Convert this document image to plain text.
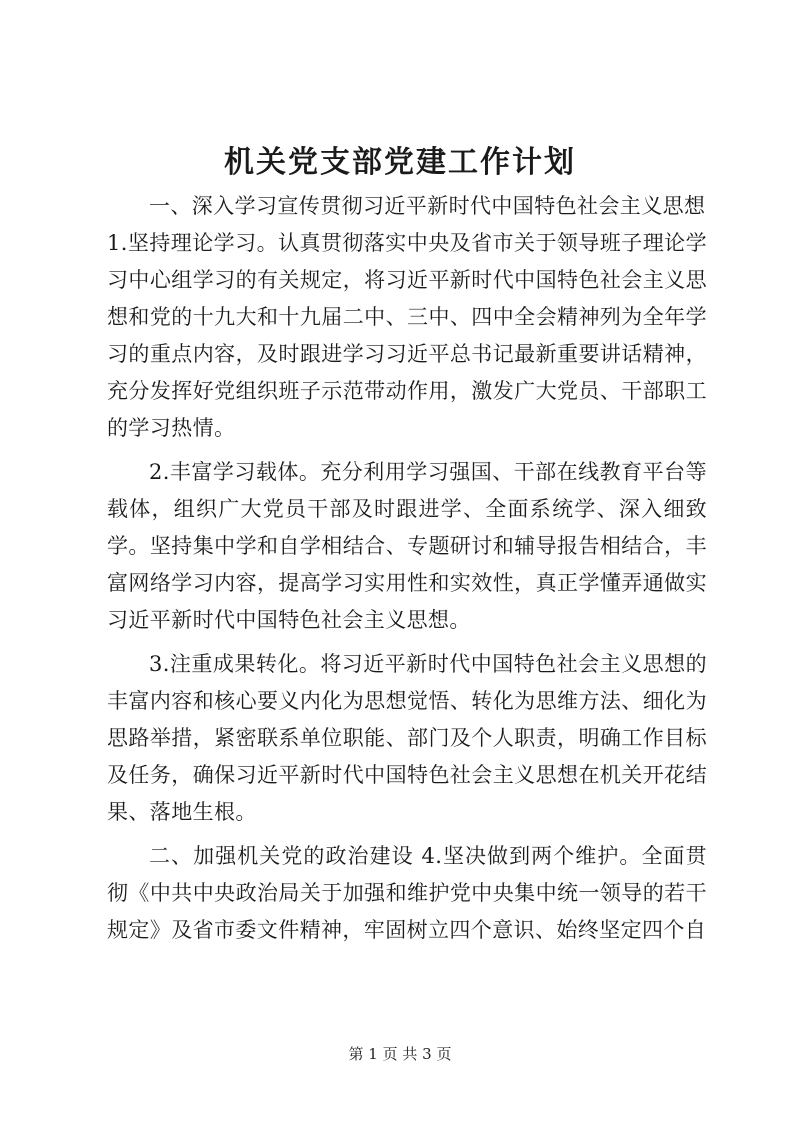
机关党支部党建工作计划

一、深入学习宣传贯彻习近平新时代中国特色社会主义思想

1.坚持理论学习。认真贯彻落实中央及省市关于领导班子理论学习中心组学习的有关规定，将习近平新时代中国特色社会主义思想和党的十九大和十九届二中、三中、四中全会精神列为全年学习的重点内容，及时跟进学习习近平总书记最新重要讲话精神，充分发挥好党组织班子示范带动作用，激发广大党员、干部职工的学习热情。

2.丰富学习载体。充分利用学习强国、干部在线教育平台等载体，组织广大党员干部及时跟进学、全面系统学、深入细致学。坚持集中学和自学相结合、专题研讨和辅导报告相结合，丰富网络学习内容，提高学习实用性和实效性，真正学懂弄通做实习近平新时代中国特色社会主义思想。

3.注重成果转化。将习近平新时代中国特色社会主义思想的丰富内容和核心要义内化为思想觉悟、转化为思维方法、细化为思路举措，紧密联系单位职能、部门及个人职责，明确工作目标及任务，确保习近平新时代中国特色社会主义思想在机关开花结果、落地生根。

二、加强机关党的政治建设 4.坚决做到两个维护。全面贯彻《中共中央政治局关于加强和维护党中央集中统一领导的若干规定》及省市委文件精神，牢固树立四个意识、始终坚定四个自

第 1 页 共 3 页
